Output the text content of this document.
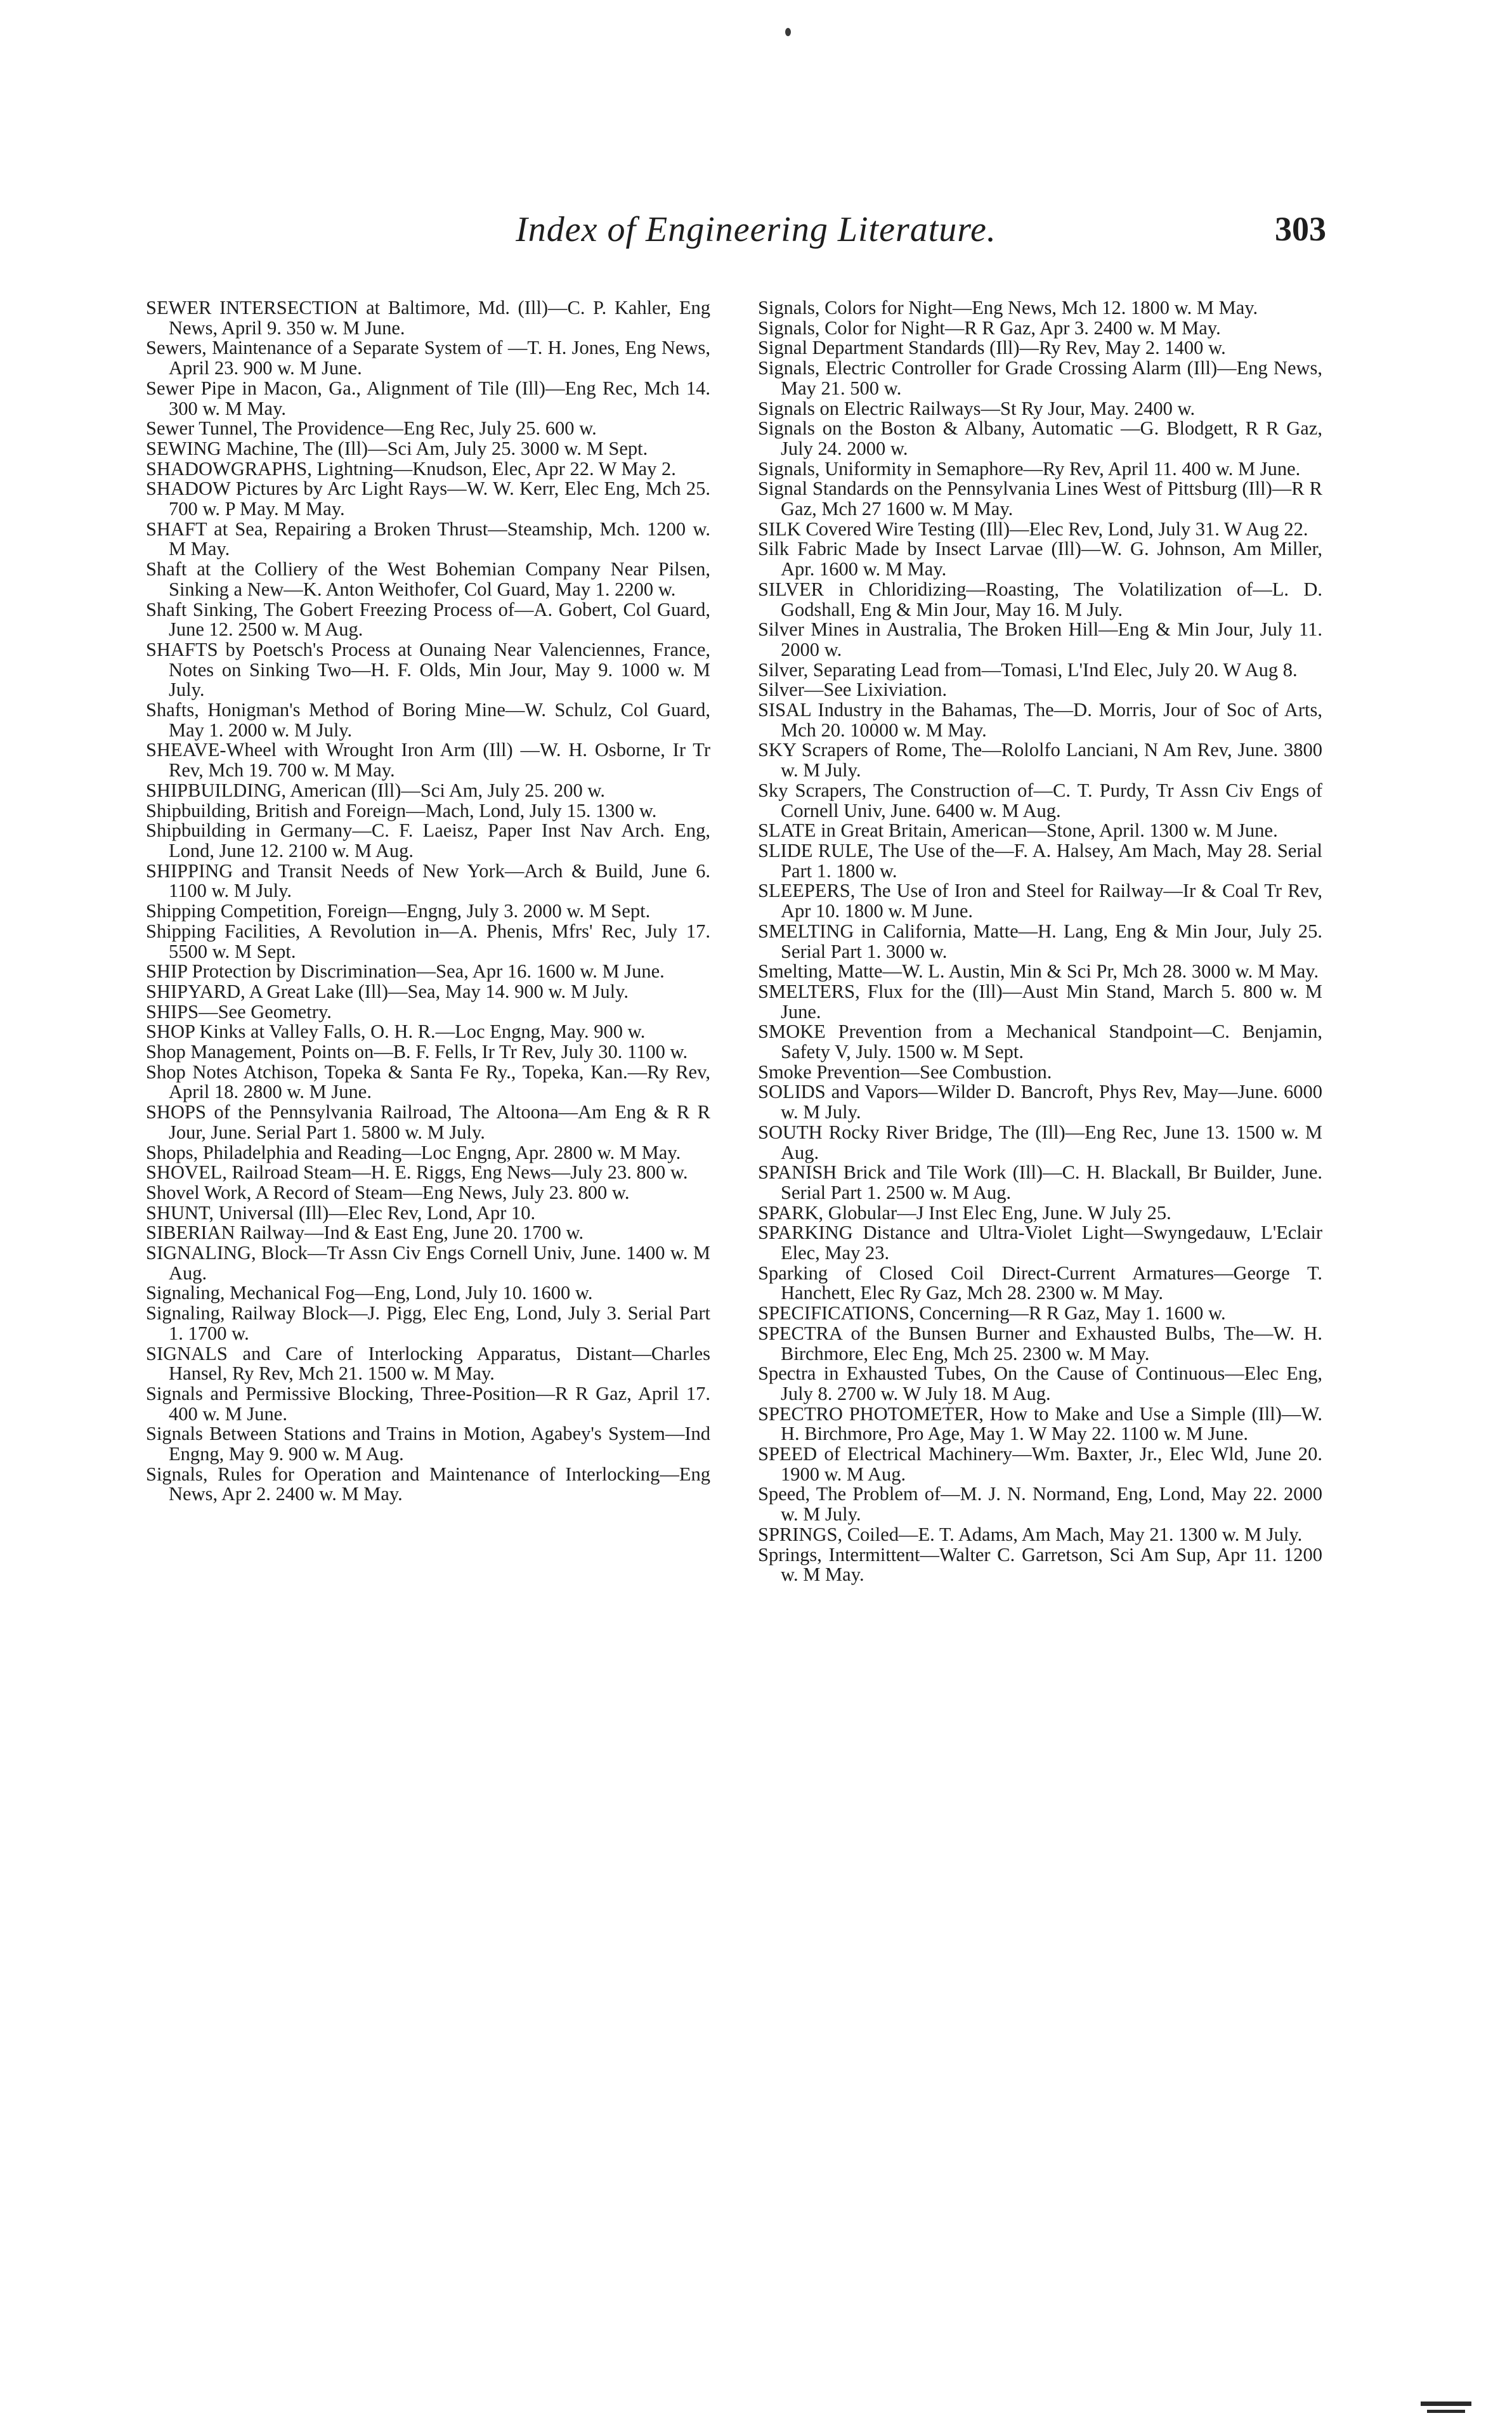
Index of Engineering Literature.	303

SEWER INTERSECTION at Baltimore, Md. (Ill)—C. P. Kahler, Eng News, April 9. 350 w. M June.

Sewers, Maintenance of a Separate System of —T. H. Jones, Eng News, April 23. 900 w. M June.

Sewer Pipe in Macon, Ga., Alignment of Tile (Ill)—Eng Rec, Mch 14. 300 w. M May.

Sewer Tunnel, The Providence—Eng Rec, July 25. 600 w.

SEWING Machine, The (Ill)—Sci Am, July 25. 3000 w. M Sept.

SHADOWGRAPHS, Lightning—Knudson, Elec, Apr 22. W May 2.

SHADOW Pictures by Arc Light Rays—W. W. Kerr, Elec Eng, Mch 25. 700 w. P May. M May.

SHAFT at Sea, Repairing a Broken Thrust—Steamship, Mch. 1200 w. M May.

Shaft at the Colliery of the West Bohemian Company Near Pilsen, Sinking a New—K. Anton Weithofer, Col Guard, May 1. 2200 w.

Shaft Sinking, The Gobert Freezing Process of—A. Gobert, Col Guard, June 12. 2500 w. M Aug.

SHAFTS by Poetsch's Process at Ounaing Near Valenciennes, France, Notes on Sinking Two—H. F. Olds, Min Jour, May 9. 1000 w. M July.

Shafts, Honigman's Method of Boring Mine—W. Schulz, Col Guard, May 1. 2000 w. M July.

SHEAVE-Wheel with Wrought Iron Arm (Ill) —W. H. Osborne, Ir Tr Rev, Mch 19. 700 w. M May.

SHIPBUILDING, American (Ill)—Sci Am, July 25. 200 w.

Shipbuilding, British and Foreign—Mach, Lond, July 15. 1300 w.

Shipbuilding in Germany—C. F. Laeisz, Paper Inst Nav Arch. Eng, Lond, June 12. 2100 w. M Aug.

SHIPPING and Transit Needs of New York—Arch & Build, June 6. 1100 w. M July.

Shipping Competition, Foreign—Engng, July 3. 2000 w. M Sept.

Shipping Facilities, A Revolution in—A. Phenis, Mfrs' Rec, July 17. 5500 w. M Sept.

SHIP Protection by Discrimination—Sea, Apr 16. 1600 w. M June.

SHIPYARD, A Great Lake (Ill)—Sea, May 14. 900 w. M July.

SHIPS—See Geometry.

SHOP Kinks at Valley Falls, O. H. R.—Loc Engng, May. 900 w.

Shop Management, Points on—B. F. Fells, Ir Tr Rev, July 30. 1100 w.

Shop Notes Atchison, Topeka & Santa Fe Ry., Topeka, Kan.—Ry Rev, April 18. 2800 w. M June.

SHOPS of the Pennsylvania Railroad, The Altoona—Am Eng & R R Jour, June. Serial Part 1. 5800 w. M July.

Shops, Philadelphia and Reading—Loc Engng, Apr. 2800 w. M May.

SHOVEL, Railroad Steam—H. E. Riggs, Eng News—July 23. 800 w.

Shovel Work, A Record of Steam—Eng News, July 23. 800 w.

SHUNT, Universal (Ill)—Elec Rev, Lond, Apr 10.

SIBERIAN Railway—Ind & East Eng, June 20. 1700 w.

SIGNALING, Block—Tr Assn Civ Engs Cornell Univ, June. 1400 w. M Aug.

Signaling, Mechanical Fog—Eng, Lond, July 10. 1600 w.

Signaling, Railway Block—J. Pigg, Elec Eng, Lond, July 3. Serial Part 1. 1700 w.

SIGNALS and Care of Interlocking Apparatus, Distant—Charles Hansel, Ry Rev, Mch 21. 1500 w. M May.

Signals and Permissive Blocking, Three-Position—R R Gaz, April 17. 400 w. M June.

Signals Between Stations and Trains in Motion, Agabey's System—Ind Engng, May 9. 900 w. M Aug.

Signals, Rules for Operation and Maintenance of Interlocking—Eng News, Apr 2. 2400 w. M May.

Signals, Colors for Night—Eng News, Mch 12. 1800 w. M May.

Signals, Color for Night—R R Gaz, Apr 3. 2400 w. M May.

Signal Department Standards (Ill)—Ry Rev, May 2. 1400 w.

Signals, Electric Controller for Grade Crossing Alarm (Ill)—Eng News, May 21. 500 w.

Signals on Electric Railways—St Ry Jour, May. 2400 w.

Signals on the Boston & Albany, Automatic —G. Blodgett, R R Gaz, July 24. 2000 w.

Signals, Uniformity in Semaphore—Ry Rev, April 11. 400 w. M June.

Signal Standards on the Pennsylvania Lines West of Pittsburg (Ill)—R R Gaz, Mch 27 1600 w. M May.

SILK Covered Wire Testing (Ill)—Elec Rev, Lond, July 31. W Aug 22.

Silk Fabric Made by Insect Larvae (Ill)—W. G. Johnson, Am Miller, Apr. 1600 w. M May.

SILVER in Chloridizing—Roasting, The Volatilization of—L. D. Godshall, Eng & Min Jour, May 16. M July.

Silver Mines in Australia, The Broken Hill—Eng & Min Jour, July 11. 2000 w.

Silver, Separating Lead from—Tomasi, L'Ind Elec, July 20. W Aug 8.

Silver—See Lixiviation.

SISAL Industry in the Bahamas, The—D. Morris, Jour of Soc of Arts, Mch 20. 10000 w. M May.

SKY Scrapers of Rome, The—Rololfo Lanciani, N Am Rev, June. 3800 w. M July.

Sky Scrapers, The Construction of—C. T. Purdy, Tr Assn Civ Engs of Cornell Univ, June. 6400 w. M Aug.

SLATE in Great Britain, American—Stone, April. 1300 w. M June.

SLIDE RULE, The Use of the—F. A. Halsey, Am Mach, May 28. Serial Part 1. 1800 w.

SLEEPERS, The Use of Iron and Steel for Railway—Ir & Coal Tr Rev, Apr 10. 1800 w. M June.

SMELTING in California, Matte—H. Lang, Eng & Min Jour, July 25. Serial Part 1. 3000 w.

Smelting, Matte—W. L. Austin, Min & Sci Pr, Mch 28. 3000 w. M May.

SMELTERS, Flux for the (Ill)—Aust Min Stand, March 5. 800 w. M June.

SMOKE Prevention from a Mechanical Standpoint—C. Benjamin, Safety V, July. 1500 w. M Sept.

Smoke Prevention—See Combustion.

SOLIDS and Vapors—Wilder D. Bancroft, Phys Rev, May—June. 6000 w. M July.

SOUTH Rocky River Bridge, The (Ill)—Eng Rec, June 13. 1500 w. M Aug.

SPANISH Brick and Tile Work (Ill)—C. H. Blackall, Br Builder, June. Serial Part 1. 2500 w. M Aug.

SPARK, Globular—J Inst Elec Eng, June. W July 25.

SPARKING Distance and Ultra-Violet Light—Swyngedauw, L'Eclair Elec, May 23.

Sparking of Closed Coil Direct-Current Armatures—George T. Hanchett, Elec Ry Gaz, Mch 28. 2300 w. M May.

SPECIFICATIONS, Concerning—R R Gaz, May 1. 1600 w.

SPECTRA of the Bunsen Burner and Exhausted Bulbs, The—W. H. Birchmore, Elec Eng, Mch 25. 2300 w. M May.

Spectra in Exhausted Tubes, On the Cause of Continuous—Elec Eng, July 8. 2700 w. W July 18. M Aug.

SPECTRO PHOTOMETER, How to Make and Use a Simple (Ill)—W. H. Birchmore, Pro Age, May 1. W May 22. 1100 w. M June.

SPEED of Electrical Machinery—Wm. Baxter, Jr., Elec Wld, June 20. 1900 w. M Aug.

Speed, The Problem of—M. J. N. Normand, Eng, Lond, May 22. 2000 w. M July.

SPRINGS, Coiled—E. T. Adams, Am Mach, May 21. 1300 w. M July.

Springs, Intermittent—Walter C. Garretson, Sci Am Sup, Apr 11. 1200 w. M May.
